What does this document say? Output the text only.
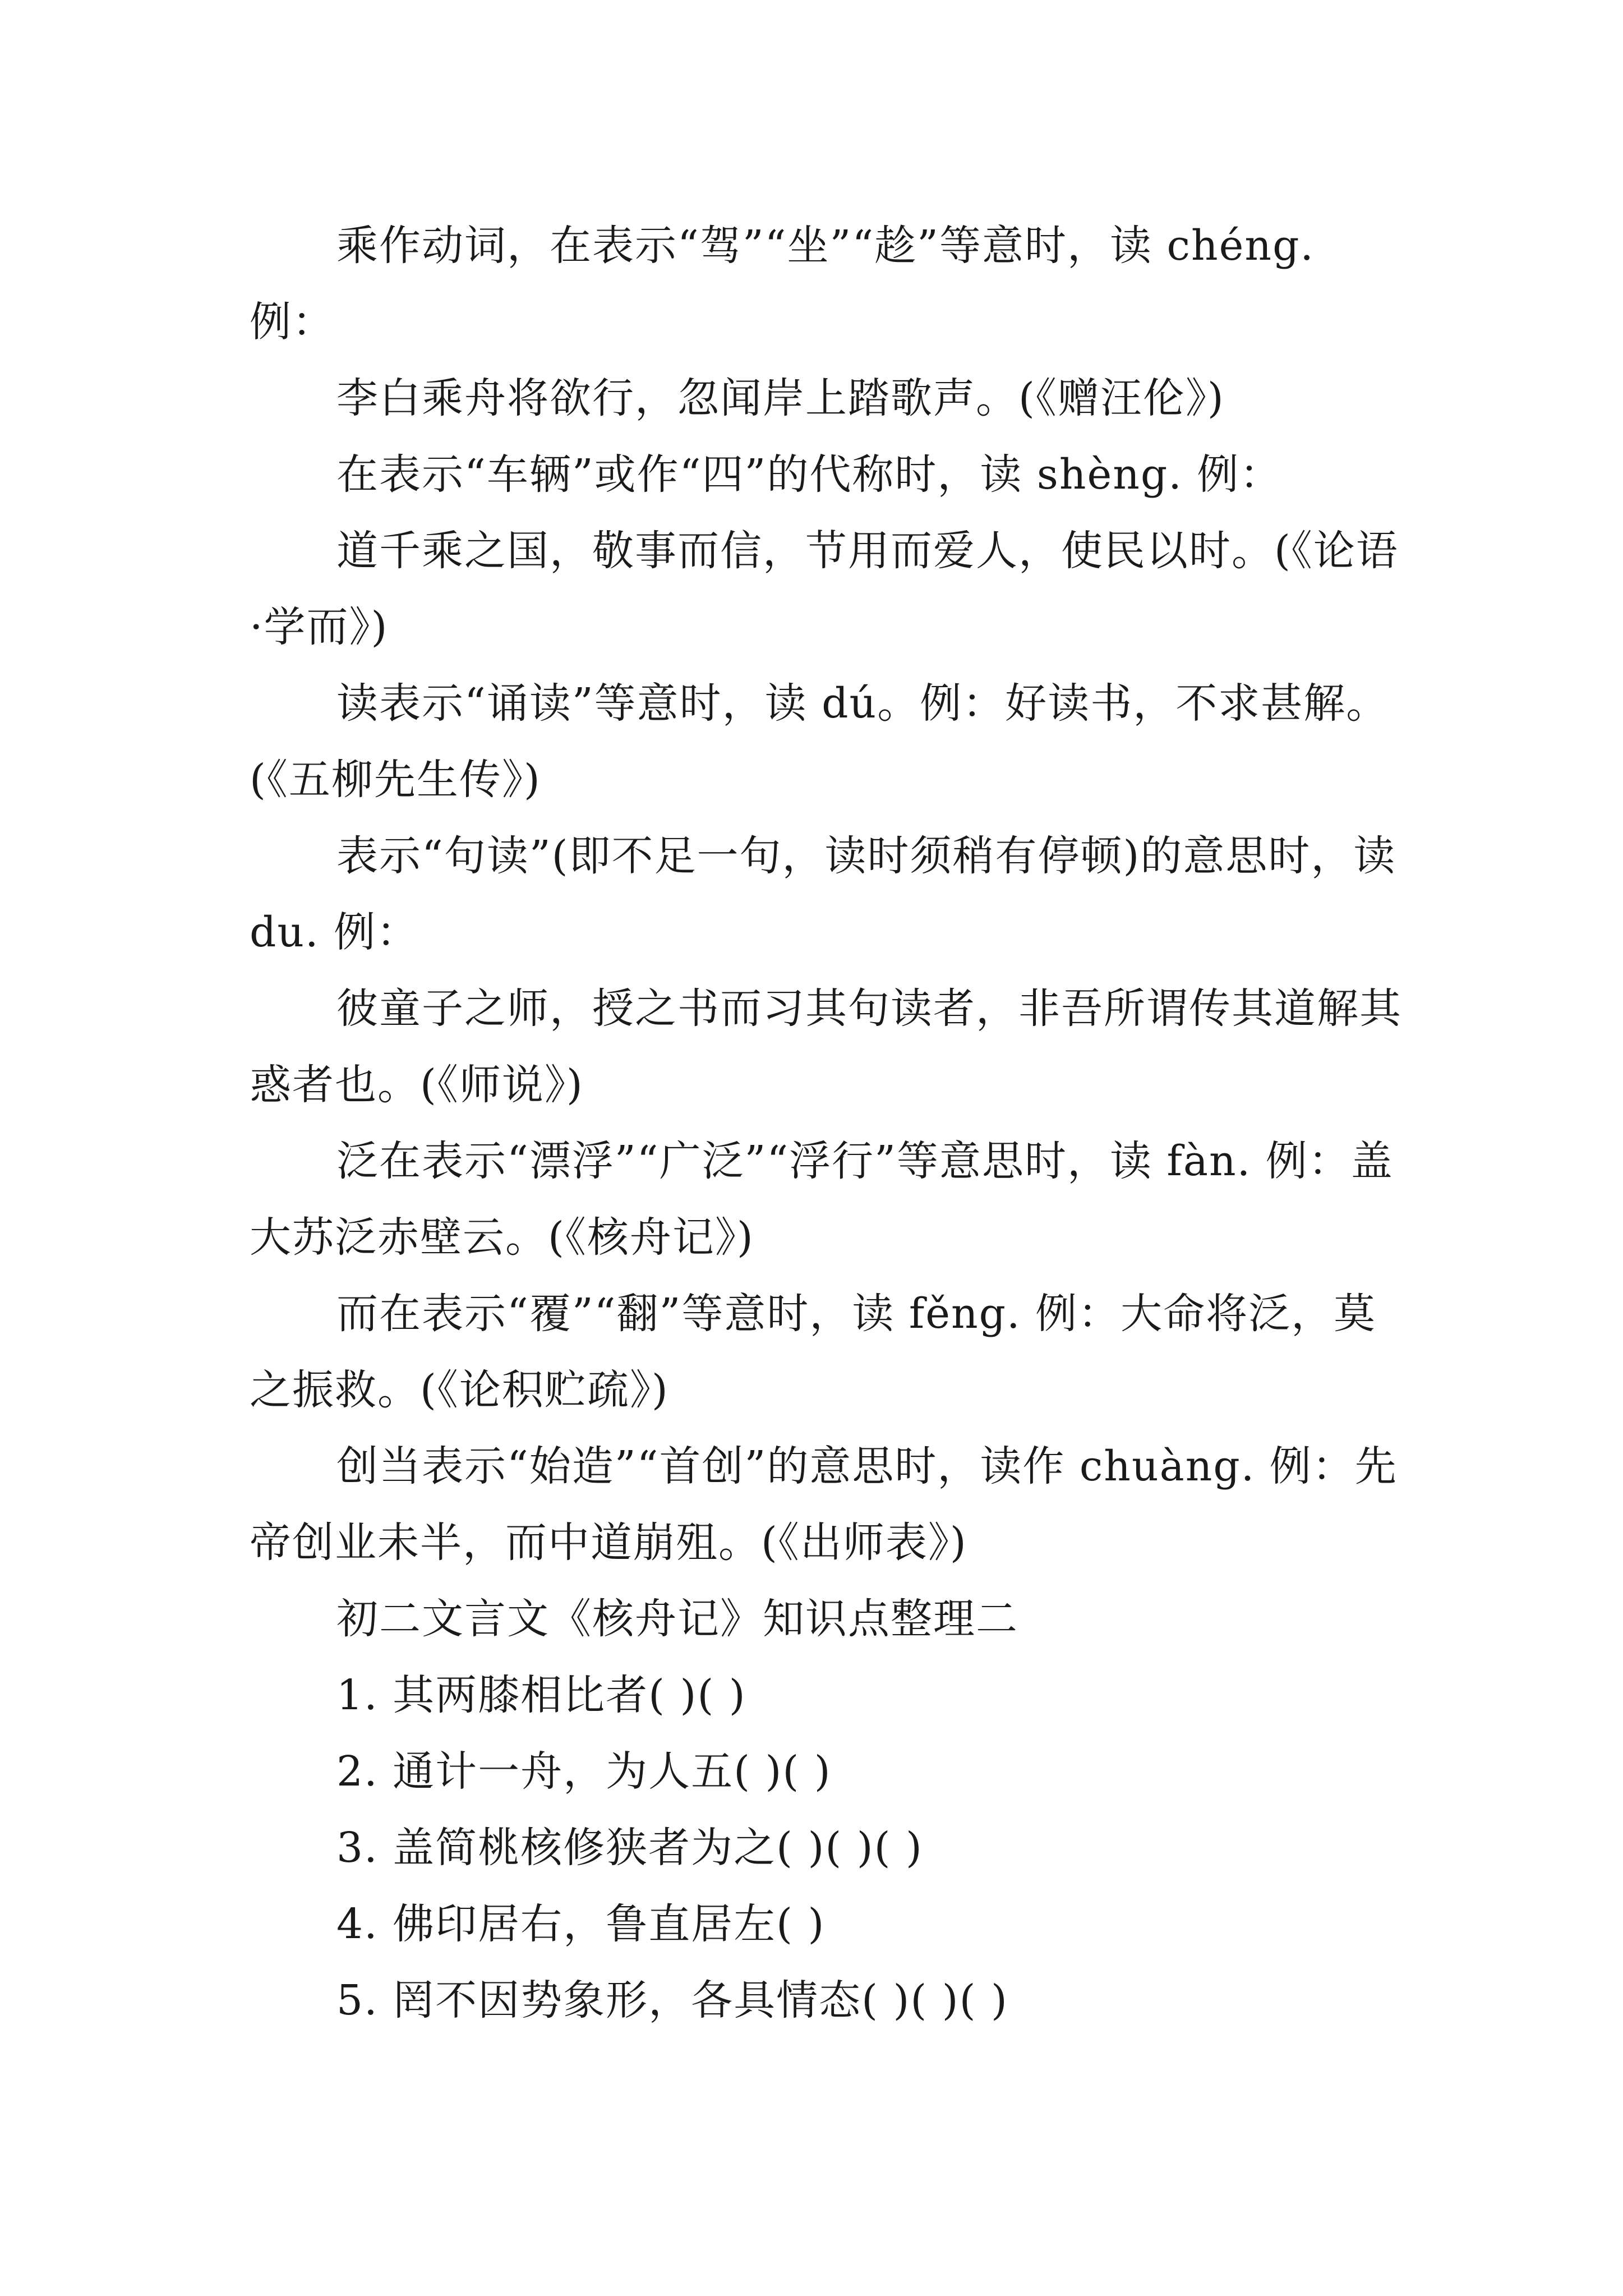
乘作动词，在表示“驾”“坐”“趁”等意时，读 chéng. 例：

李白乘舟将欲行，忽闻岸上踏歌声。(《赠汪伦》)

在表示“车辆”或作“四”的代称时，读 shèng. 例：

道千乘之国，敬事而信，节用而爱人，使民以时。(《论语·学而》)

读表示“诵读”等意时，读 dú。例：好读书，不求甚解。(《五柳先生传》)

表示“句读”(即不足一句，读时须稍有停顿)的意思时，读 du. 例：

彼童子之师，授之书而习其句读者，非吾所谓传其道解其惑者也。(《师说》)

泛在表示“漂浮”“广泛”“浮行”等意思时，读 fàn. 例：盖大苏泛赤壁云。(《核舟记》)

而在表示“覆”“翻”等意时，读 fěng. 例：大命将泛，莫之振救。(《论积贮疏》)

创当表示“始造”“首创”的意思时，读作 chuàng. 例：先帝创业未半，而中道崩殂。(《出师表》)

初二文言文《核舟记》知识点整理二

1. 其两膝相比者( )( )

2. 通计一舟，为人五( )( )

3. 盖简桃核修狭者为之( )( )( )

4. 佛印居右，鲁直居左( )

5. 罔不因势象形，各具情态( )( )( )
